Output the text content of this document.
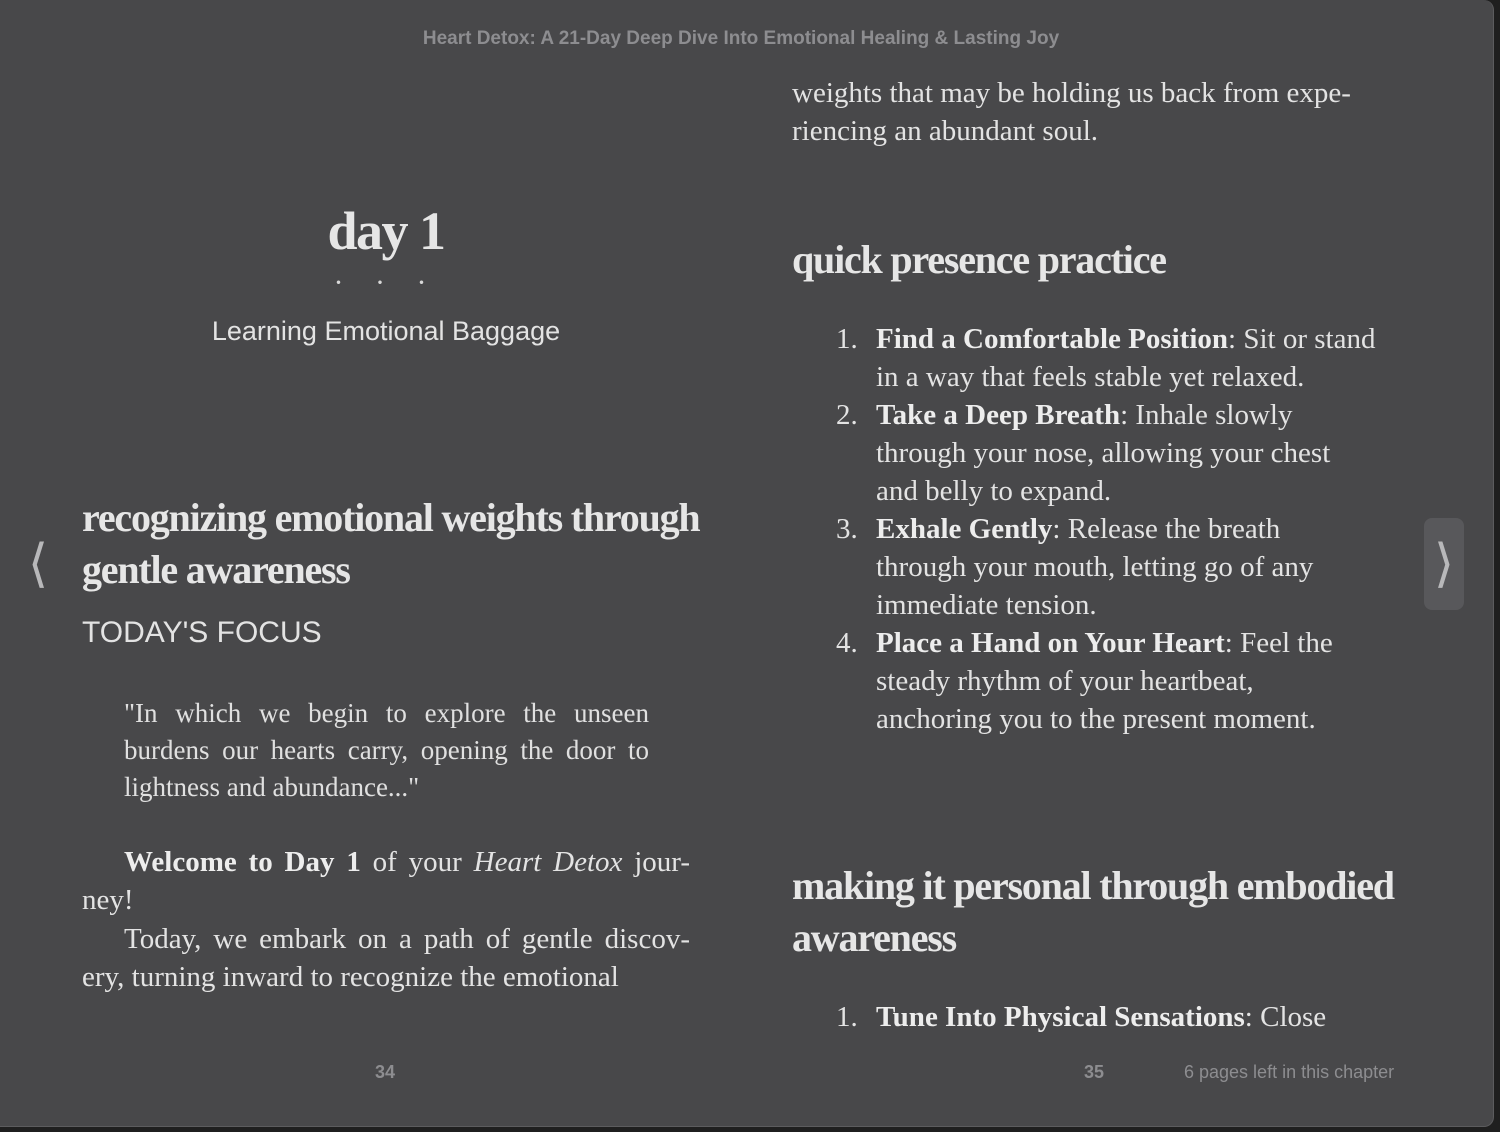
Heart Detox: A 21-Day Deep Dive Into Emotional Healing & Lasting Joy
⟨	⟩
day 1
· · ·
Learning Emotional Baggage
recognizing emotional weights through gentle awareness
TODAY'S FOCUS
"In which we begin to explore the unseen burdens our hearts carry, opening the door to lightness and abundance..."

Welcome to Day 1 of your Heart Detox jour-ney!

Today, we embark on a path of gentle discov-ery, turning inward to recognize the emotional

34

weights that may be holding us back from expe-riencing an abundant soul.

quick presence practice
1. Find a Comfortable Position: Sit or stand in a way that feels stable yet relaxed.
2. Take a Deep Breath: Inhale slowly through your nose, allowing your chest and belly to expand.
3. Exhale Gently: Release the breath through your mouth, letting go of any immediate tension.
4. Place a Hand on Your Heart: Feel the steady rhythm of your heartbeat, anchoring you to the present moment.
making it personal through embodied awareness
1. Tune Into Physical Sensations: Close
35	6 pages left in this chapter
